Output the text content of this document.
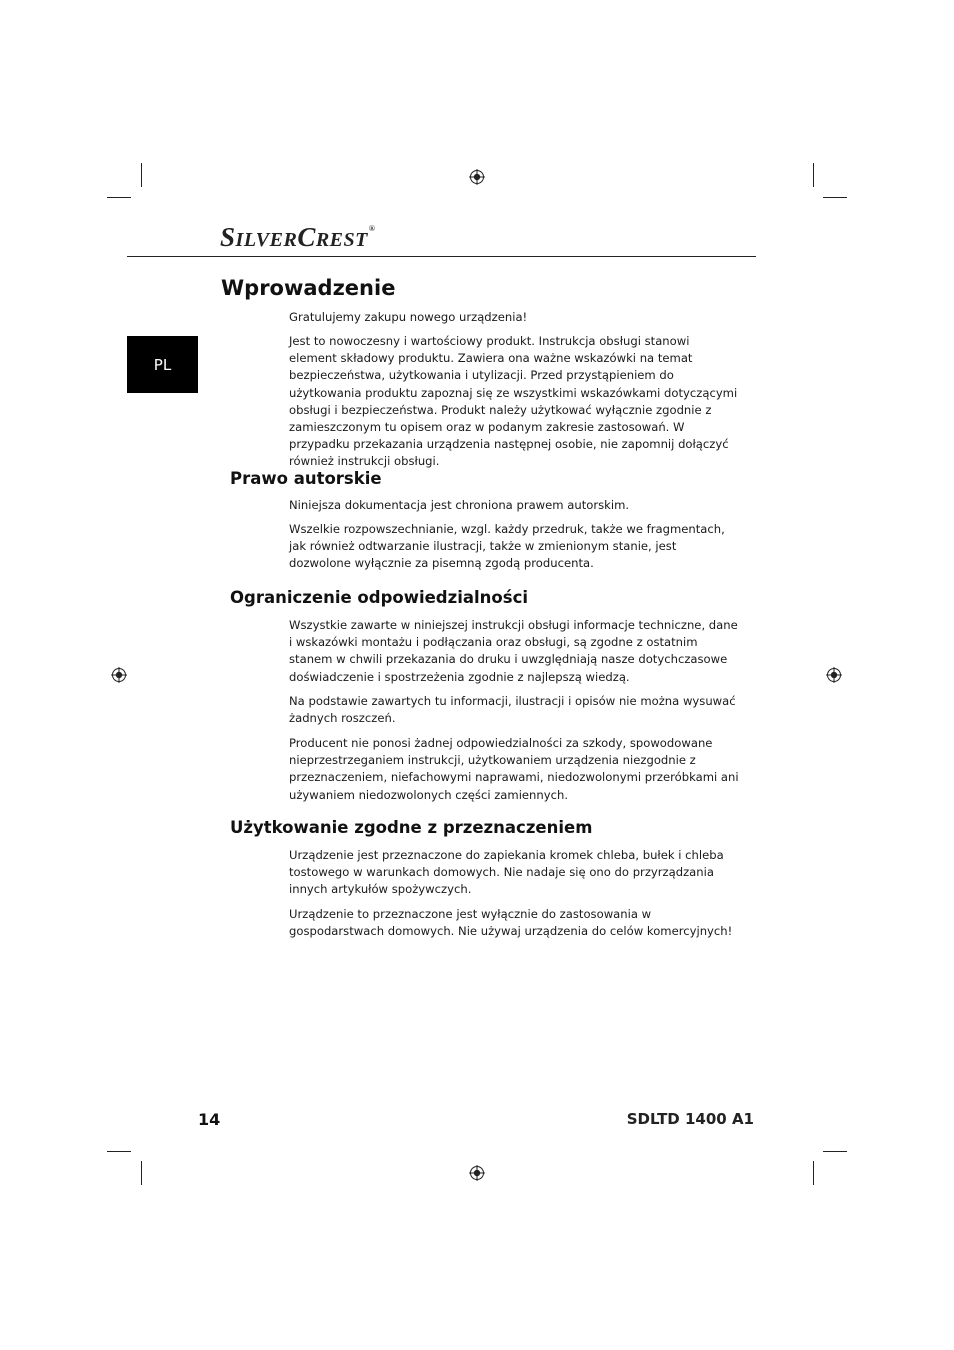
SILVERCREST®
PL
Wprowadzenie

Gratulujemy zakupu nowego urządzenia!

Jest to nowoczesny i wartościowy produkt. Instrukcja obsługi stanowi element składowy produktu. Zawiera ona ważne wskazówki na temat bezpieczeństwa, użytkowania i utylizacji. Przed przystąpieniem do użytkowania produktu zapoznaj się ze wszystkimi wskazówkami dotyczącymi obsługi i bezpieczeństwa. Produkt należy użytkować wyłącznie zgodnie z zamieszczonym tu opisem oraz w podanym zakresie zastosowań. W przypadku przekazania urządzenia następnej osobie, nie zapomnij dołączyć również instrukcji obsługi.

Prawo autorskie

Niniejsza dokumentacja jest chroniona prawem autorskim.

Wszelkie rozpowszechnianie, wzgl. każdy przedruk, także we fragmentach, jak również odtwarzanie ilustracji, także w zmienionym stanie, jest dozwolone wyłącznie za pisemną zgodą producenta.

Ograniczenie odpowiedzialności

Wszystkie zawarte w niniejszej instrukcji obsługi informacje techniczne, dane i wskazówki montażu i podłączania oraz obsługi, są zgodne z ostatnim stanem w chwili przekazania do druku i uwzględniają nasze dotychczasowe doświadczenie i spostrzeżenia zgodnie z najlepszą wiedzą.

Na podstawie zawartych tu informacji, ilustracji i opisów nie można wysuwać żadnych roszczeń.

Producent nie ponosi żadnej odpowiedzialności za szkody, spowodowane nieprzestrzeganiem instrukcji, użytkowaniem urządzenia niezgodnie z przeznaczeniem, niefachowymi naprawami, niedozwolonymi przeróbkami ani używaniem niedozwolonych części zamiennych.

Użytkowanie zgodne z przeznaczeniem

Urządzenie jest przeznaczone do zapiekania kromek chleba, bułek i chleba tostowego w warunkach domowych. Nie nadaje się ono do przyrządzania innych artykułów spożywczych.

Urządzenie to przeznaczone jest wyłącznie do zastosowania w gospodarstwach domowych. Nie używaj urządzenia do celów komercyjnych!

14	SDLTD 1400 A1
